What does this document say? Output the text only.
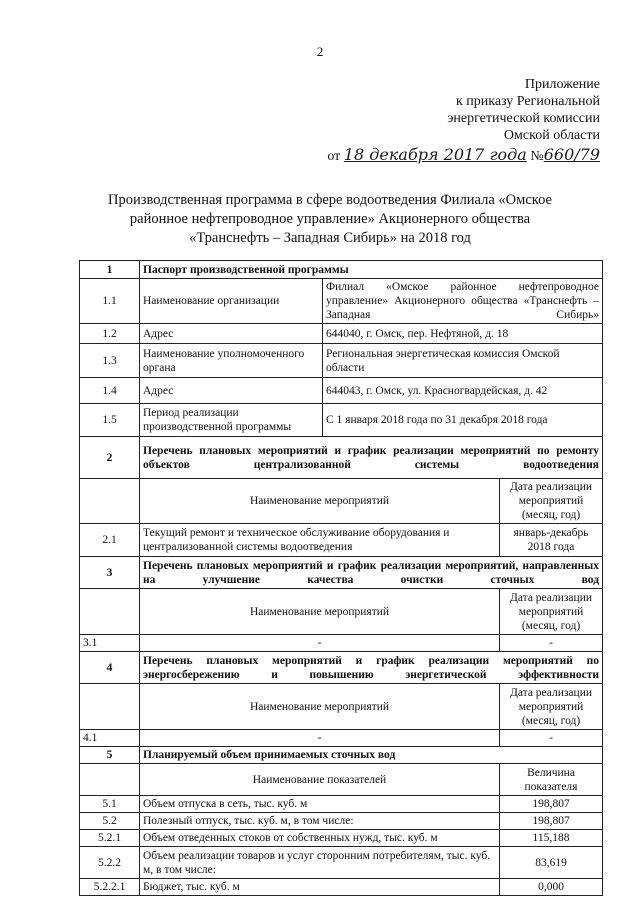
2
Приложение
к приказу Региональной
энергетической комиссии
Омской области
от 18 декабря 2017 года №660/79
Производственная программа в сфере водоотведения Филиала «Омское
районное нефтепроводное управление» Акционерного общества
«Транснефть – Западная Сибирь» на 2018 год
1	Паспорт производственной программы		
1.1	Наименование организации	Филиал «Омское районное нефтепроводное управление» Акционерного общества «Транснефть – Западная Сибирь»	
1.2	Адрес	644040, г. Омск, пер. Нефтяной, д. 18	
1.3	Наименование уполномоченного органа	Региональная энергетическая комиссия Омской области	
1.4	Адрес	644043, г. Омск, ул. Красногвардейская, д. 42	
1.5	Период реализации производственной программы	С 1 января 2018 года по 31 декабря 2018 года	
2	Перечень плановых мероприятий и график реализации мероприятий по ремонту объектов централизованной системы водоотведения		
	Наименование мероприятий		Дата реализации мероприятий (месяц, год)
2.1	Текущий ремонт и техническое обслуживание оборудования и централизованной системы водоотведения		январь-декабрь 2018 года
3	Перечень плановых мероприятий и график реализации мероприятий, направленных на улучшение качества очистки сточных вод		
	Наименование мероприятий		Дата реализации мероприятий (месяц, год)
3.1	-		-
4	Перечень плановых мероприятий и график реализации мероприятий по энергосбережению и повышению энергетической эффективности		
	Наименование мероприятий		Дата реализации мероприятий (месяц, год)
4.1	-		-
5	Планируемый объем принимаемых сточных вод		
	Наименование показателей		Величина показателя
5.1	Объем отпуска в сеть, тыс. куб. м		198,807
5.2	Полезный отпуск, тыс. куб. м, в том числе:		198,807
5.2.1	Объем отведенных стоков от собственных нужд, тыс. куб. м		115,188
5.2.2	Объем реализации товаров и услуг сторонним потребителям, тыс. куб. м, в том числе:		83,619
5.2.2.1	Бюджет, тыс. куб. м		0,000
